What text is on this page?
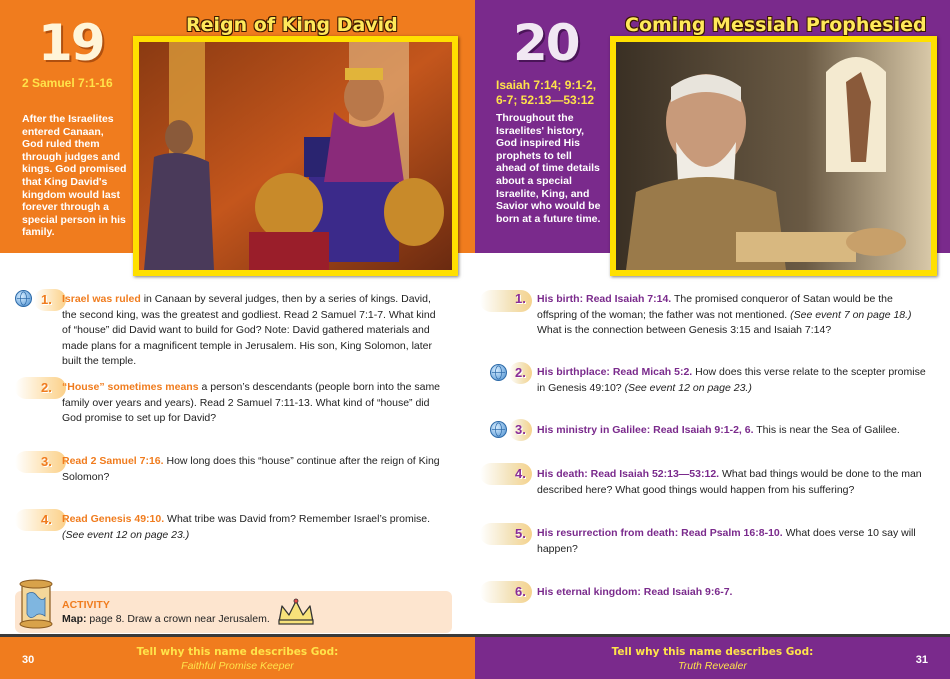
19	Reign of King David
2 Samuel 7:1-16
After the Israelites
entered Canaan,
God ruled them
through judges and
kings. God promised
that King David's
kingdom would last
forever through a
special person in his
family.
1. Israel was ruled in Canaan by several judges, then by a series of kings. David, the second king, was the greatest and godliest. Read 2 Samuel 7:1-7. What kind of “house” did David want to build for God? Note: David gathered materials and made plans for a magnificent temple in Jerusalem. His son, King Solomon, later built the temple.
2. “House” sometimes means a person’s descendants (people born into the same family over years and years). Read 2 Samuel 7:11-13. What kind of “house” did God promise to set up for David?
3. Read 2 Samuel 7:16. How long does this “house” continue after the reign of King Solomon?
4. Read Genesis 49:10. What tribe was David from? Remember Israel’s promise. (See event 12 on page 23.)
ACTIVITY
Map: page 8. Draw a crown near Jerusalem.
30
Tell why this name describes God:
Faithful Promise Keeper
20 Coming Messiah Prophesied
Isaiah 7:14; 9:1-2,
6-7; 52:13—53:12
Throughout the
Israelites' history,
God inspired His
prophets to tell
ahead of time details
about a special
Israelite, King, and
Savior who would be
born at a future time.
1. His birth: Read Isaiah 7:14. The promised conqueror of Satan would be the offspring of the woman; the father was not mentioned. (See event 7 on page 18.) What is the connection between Genesis 3:15 and Isaiah 7:14?
2. His birthplace: Read Micah 5:2. How does this verse relate to the scepter promise in Genesis 49:10? (See event 12 on page 23.)
3. His ministry in Galilee: Read Isaiah 9:1-2, 6. This is near the Sea of Galilee.
4. His death: Read Isaiah 52:13—53:12. What bad things would be done to the man described here? What good things would happen from his suffering?
5. His resurrection from death: Read Psalm 16:8-10. What does verse 10 say will happen?
6. His eternal kingdom: Read Isaiah 9:6-7.
Tell why this name describes God:
Truth Revealer	31
